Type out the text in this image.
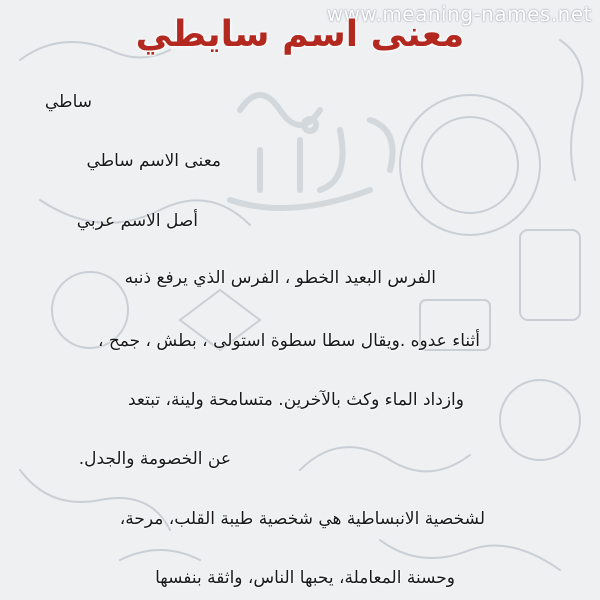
www.meaning-names.net
معنى اسم سايطي
ساطي
معنى الاسم ساطي
أصل الاسم عربي
الفرس البعيد الخطو ، الفرس الذي يرفع ذنبه
أثناء عدوه .ويقال سطا سطوة استولى ، بطش ، جمح ،
وازداد الماء وكث بالآخرين. متسامحة ولينة، تبتعد
عن الخصومة والجدل.
لشخصية الانبساطية هي شخصية طيبة القلب، مرحة،
وحسنة المعاملة، يحبها الناس، واثقة بنفسها
